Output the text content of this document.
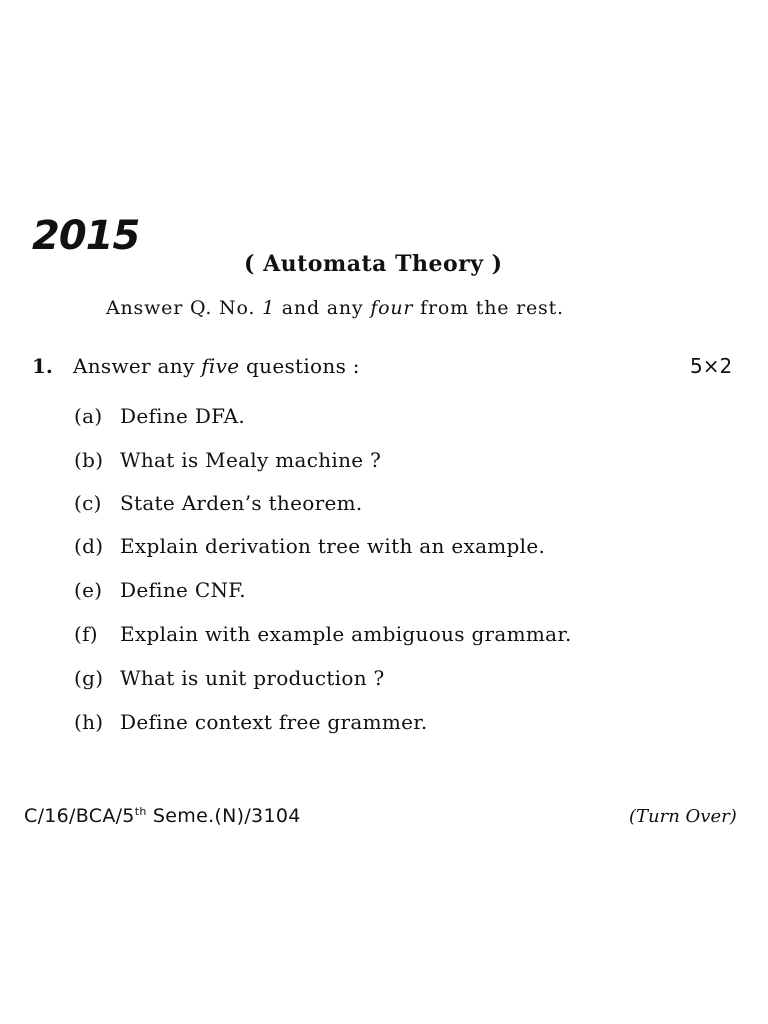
2015
( Automata Theory )
Answer Q. No. 1 and any four from the rest.
1. Answer any five questions :	5×2
(a) Define DFA.
(b) What is Mealy machine ?
(c) State Arden’s theorem.
(d) Explain derivation tree with an example.
(e) Define CNF.
(f) Explain with example ambiguous grammar.
(g) What is unit production ?
(h) Define context free grammer.
C/16/BCA/5th Seme.(N)/3104	(Turn Over)
